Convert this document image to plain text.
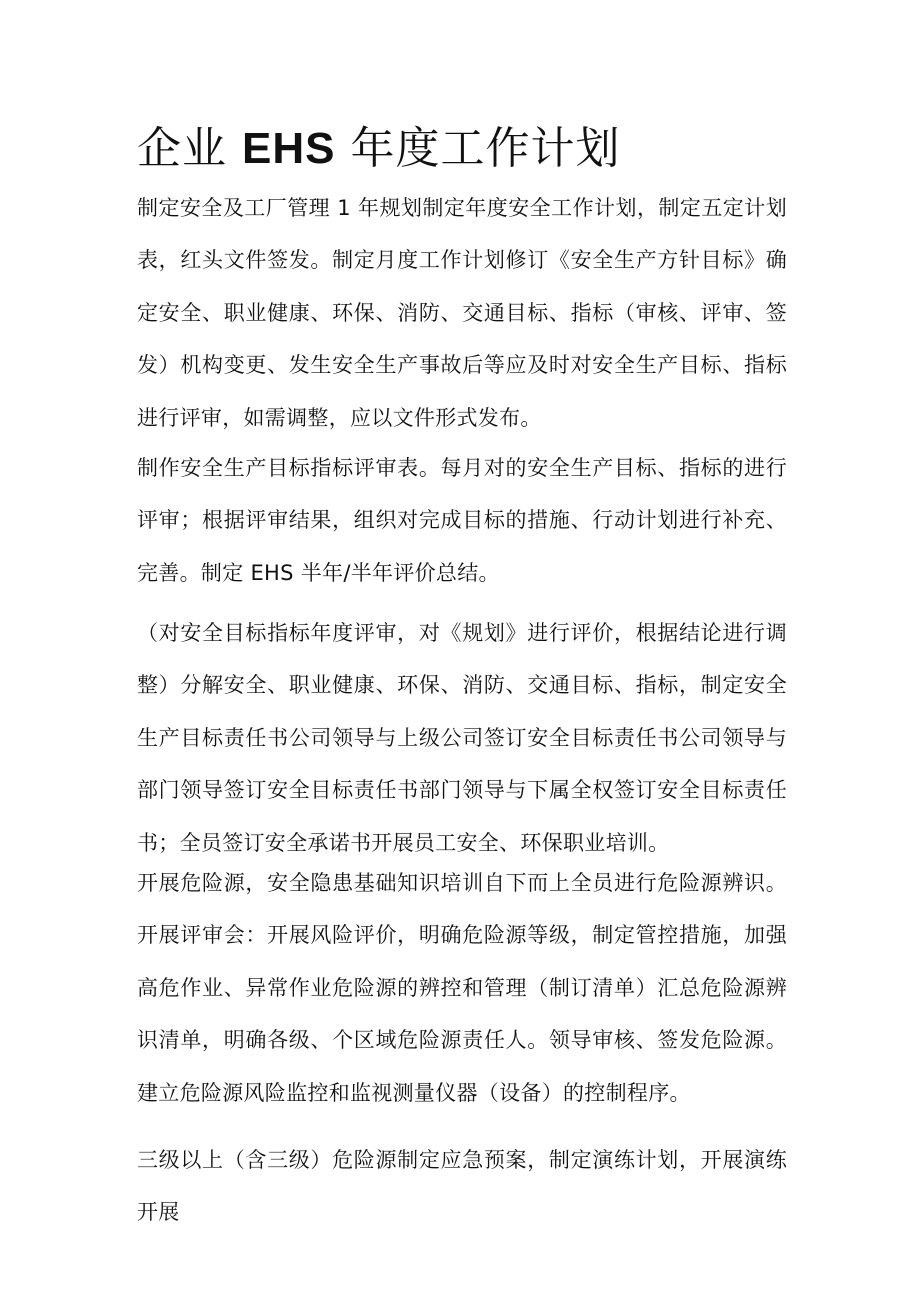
企业 EHS 年度工作计划

制定安全及工厂管理 1 年规划制定年度安全工作计划，制定五定计划表，红头文件签发。制定月度工作计划修订《安全生产方针目标》确定安全、职业健康、环保、消防、交通目标、指标（审核、评审、签发）机构变更、发生安全生产事故后等应及时对安全生产目标、指标进行评审，如需调整，应以文件形式发布。

制作安全生产目标指标评审表。每月对的安全生产目标、指标的进行评审；根据评审结果，组织对完成目标的措施、行动计划进行补充、完善。制定 EHS 半年/半年评价总结。

（对安全目标指标年度评审，对《规划》进行评价，根据结论进行调整）分解安全、职业健康、环保、消防、交通目标、指标，制定安全生产目标责任书公司领导与上级公司签订安全目标责任书公司领导与部门领导签订安全目标责任书部门领导与下属全权签订安全目标责任书；全员签订安全承诺书开展员工安全、环保职业培训。

开展危险源，安全隐患基础知识培训自下而上全员进行危险源辨识。开展评审会：开展风险评价，明确危险源等级，制定管控措施，加强高危作业、异常作业危险源的辨控和管理（制订清单）汇总危险源辨识清单，明确各级、个区域危险源责任人。领导审核、签发危险源。建立危险源风险监控和监视测量仪器（设备）的控制程序。

三级以上（含三级）危险源制定应急预案，制定演练计划，开展演练开展
